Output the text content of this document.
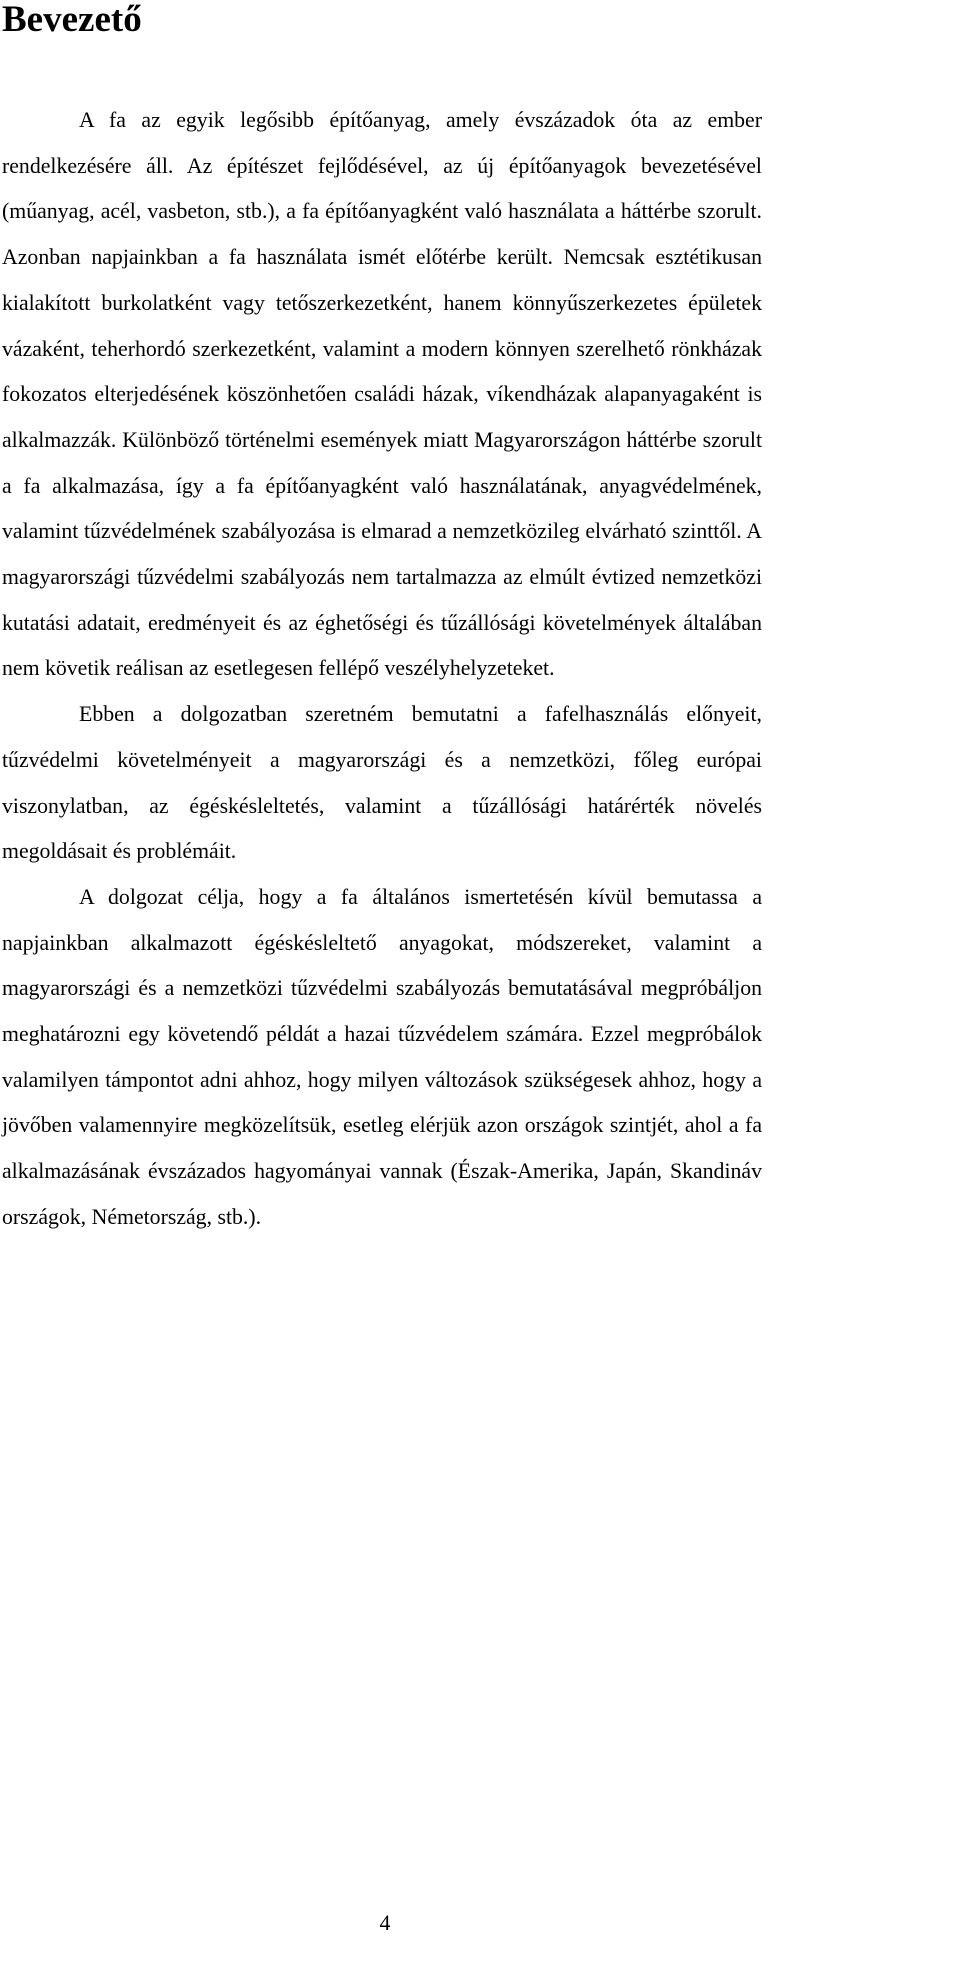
Bevezető

A fa az egyik legősibb építőanyag, amely évszázadok óta az ember rendelkezésére áll. Az építészet fejlődésével, az új építőanyagok bevezetésével (műanyag, acél, vasbeton, stb.), a fa építőanyagként való használata a háttérbe szorult. Azonban napjainkban a fa használata ismét előtérbe került. Nemcsak esztétikusan kialakított burkolatként vagy tetőszerkezetként, hanem könnyűszerkezetes épületek vázaként, teherhordó szerkezetként, valamint a modern könnyen szerelhető rönkházak fokozatos elterjedésének köszönhetően családi házak, víkendházak alapanyagaként is alkalmazzák. Különböző történelmi események miatt Magyarországon háttérbe szorult a fa alkalmazása, így a fa építőanyagként való használatának, anyagvédelmének, valamint tűzvédelmének szabályozása is elmarad a nemzetközileg elvárható szinttől. A magyarországi tűzvédelmi szabályozás nem tartalmazza az elmúlt évtized nemzetközi kutatási adatait, eredményeit és az éghetőségi és tűzállósági követelmények általában nem követik reálisan az esetlegesen fellépő veszélyhelyzeteket.

Ebben a dolgozatban szeretném bemutatni a fafelhasználás előnyeit, tűzvédelmi követelményeit a magyarországi és a nemzetközi, főleg európai viszonylatban, az égéskésleltetés, valamint a tűzállósági határérték növelés megoldásait és problémáit.

A dolgozat célja, hogy a fa általános ismertetésén kívül bemutassa a napjainkban alkalmazott égéskésleltető anyagokat, módszereket, valamint a magyarországi és a nemzetközi tűzvédelmi szabályozás bemutatásával megpróbáljon meghatározni egy követendő példát a hazai tűzvédelem számára. Ezzel megpróbálok valamilyen támpontot adni ahhoz, hogy milyen változások szükségesek ahhoz, hogy a jövőben valamennyire megközelítsük, esetleg elérjük azon országok szintjét, ahol a fa alkalmazásának évszázados hagyományai vannak (Észak-Amerika, Japán, Skandináv országok, Németország, stb.).

4
